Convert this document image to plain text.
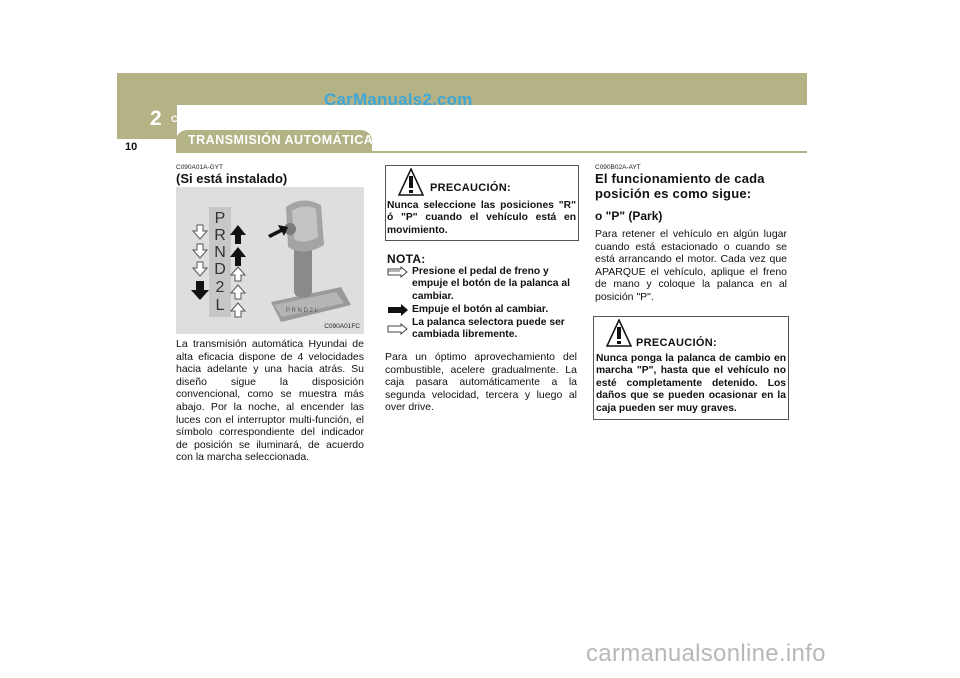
CarManuals2.com
2 CONDUCIENDO SU HYUNDAI
10	TRANSMISIÓN AUTOMÁTICA
C090A01A-GYT
(Si está instalado)
P
R
N
D
2
L	P R N D 2 L
C090A01FC
La transmisión automática Hyundai de alta eficacia dispone de 4 velocidades hacia adelante y una hacia atrás. Su diseño sigue la disposición convencional, como se muestra más abajo. Por la noche, al encender las luces con el interruptor multi-función, el símbolo correspondiente del indicador de posición se iluminará, de acuerdo con la marcha seleccionada.
PRECAUCIÓN:
Nunca seleccione las posiciones "R" ó "P" cuando el vehículo está en movimiento.
NOTA:
Presione el pedal de freno y empuje el botón de la palanca al cambiar.
Empuje el botón al cambiar.
La palanca selectora puede ser cambiada libremente.
Para un óptimo aprovechamiento del combustible, acelere gradualmente. La caja pasara automáticamente a la segunda velocidad, tercera y luego al over drive.
C090B02A-AYT
El funcionamiento de cada posición es como sigue:
o "P" (Park)
Para retener el vehículo en algún lugar cuando está estacionado o cuando se está arrancando el motor. Cada vez que APARQUE el vehículo, aplique el freno de mano y coloque la palanca en al posición "P".
PRECAUCIÓN:
Nunca ponga la palanca de cambio en marcha "P", hasta que el vehículo no esté completamente detenido. Los daños que se pueden ocasionar en la caja pueden ser muy graves.
carmanualsonline.info
